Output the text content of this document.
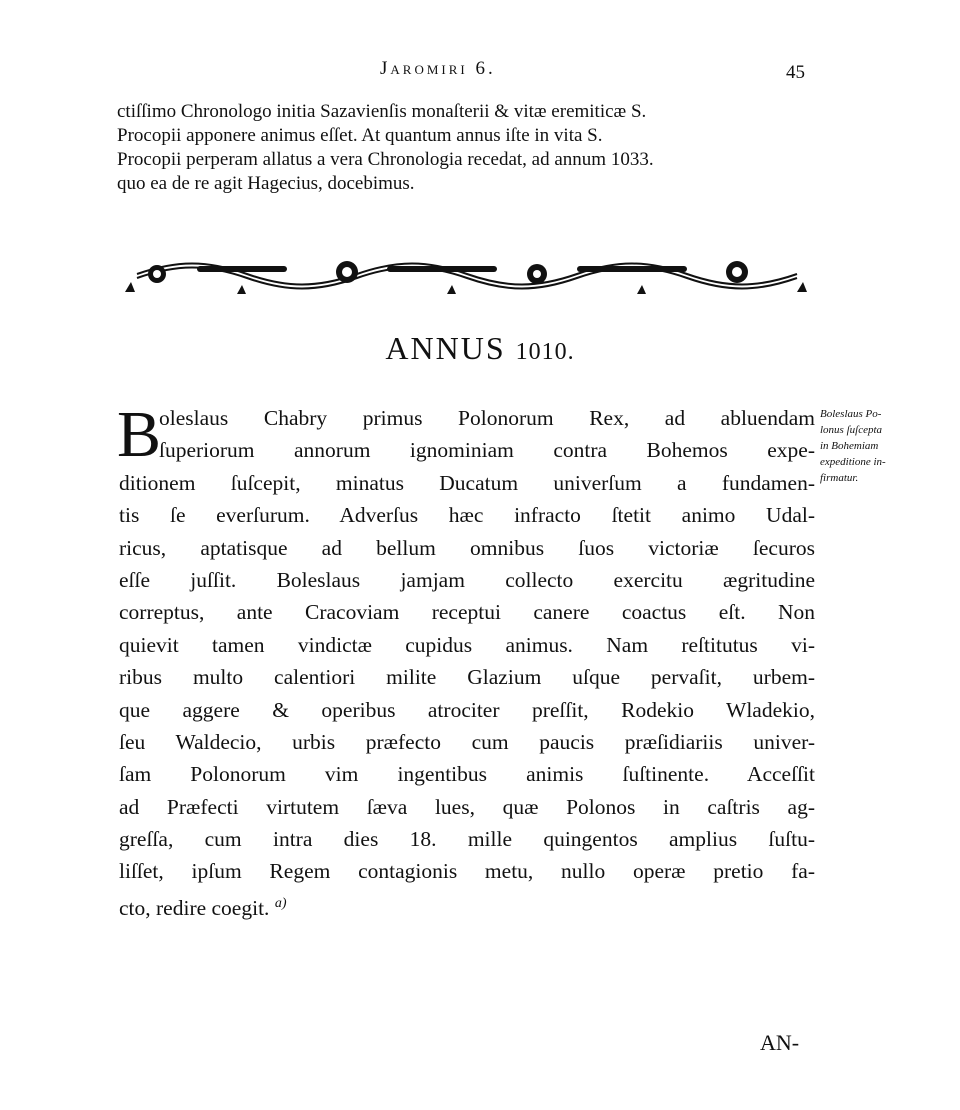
Jaromiri 6.	45
ctiſſimo Chronologo initia Sazavienſis monaſterii & vitæ eremiticæ S.
Procopii apponere animus eſſet. At quantum annus iſte in vita S.
Procopii perperam allatus a vera Chronologia recedat, ad annum 1033.
quo ea de re agit Hagecius, docebimus.
ANNUS 1010.
B
oleslaus Chabry primus Polonorum Rex, ad abluendam
ſuperiorum annorum ignominiam contra Bohemos expe-
ditionem ſuſcepit, minatus Ducatum univerſum a fundamen-
tis ſe everſurum. Adverſus hæc infracto ſtetit animo Udal-
ricus, aptatisque ad bellum omnibus ſuos victoriæ ſecuros
eſſe juſſit. Boleslaus jamjam collecto exercitu ægritudine
correptus, ante Cracoviam receptui canere coactus eſt. Non
quievit tamen vindictæ cupidus animus. Nam reſtitutus vi-
ribus multo calentiori milite Glazium uſque pervaſit, urbem-
que aggere & operibus atrociter preſſit, Rodekio Wladekio,
ſeu Waldecio, urbis præfecto cum paucis præſidiariis univer-
ſam Polonorum vim ingentibus animis ſuſtinente. Acceſſit
ad Præfecti virtutem ſæva lues, quæ Polonos in caſtris ag-
greſſa, cum intra dies 18. mille quingentos amplius ſuſtu-
liſſet, ipſum Regem contagionis metu, nullo operæ pretio fa-
cto, redire coegit. $^{a)}$
Boleslaus Po-
lonus ſuſcepta
in Bohemiam
expeditione in-
firmatur.
AN-
